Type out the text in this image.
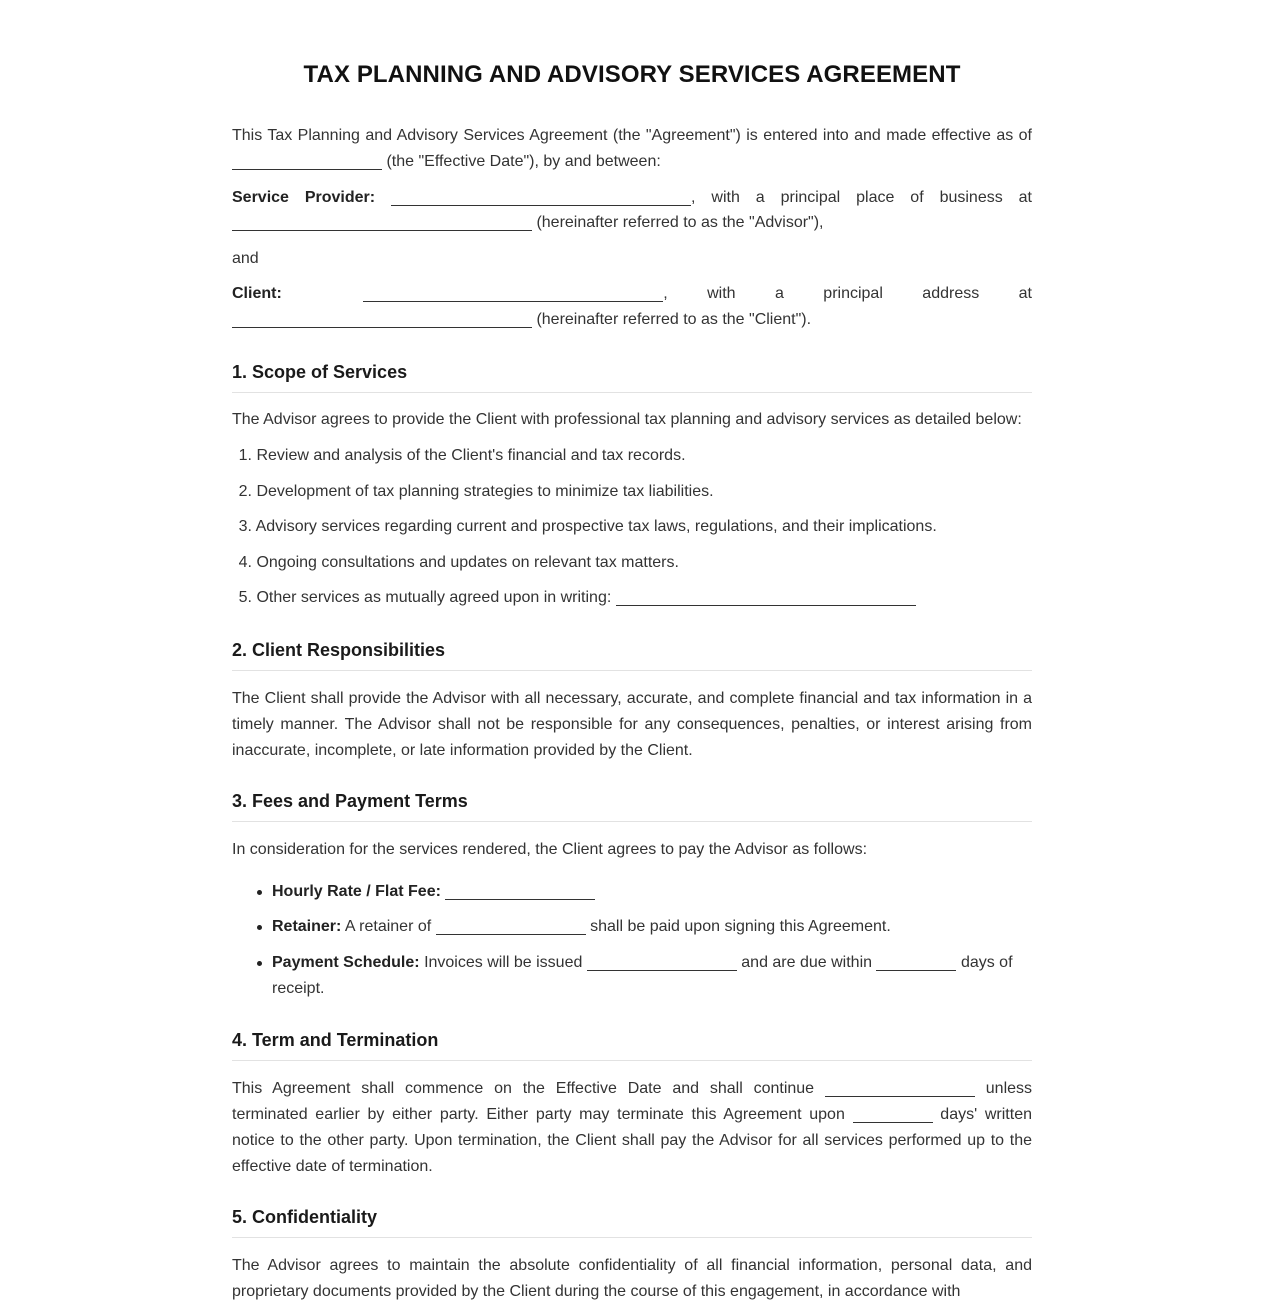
TAX PLANNING AND ADVISORY SERVICES AGREEMENT
This Tax Planning and Advisory Services Agreement (the "Agreement") is entered into and made effective as of  (the "Effective Date"), by and between:
Service Provider:	, with a principal place of business at
(hereinafter referred to as the "Advisor"),
and
Client:	, with a principal address at
(hereinafter referred to as the "Client").
1. Scope of Services
The Advisor agrees to provide the Client with professional tax planning and advisory services as detailed below:
1. Review and analysis of the Client's financial and tax records.
2. Development of tax planning strategies to minimize tax liabilities.
3. Advisory services regarding current and prospective tax laws, regulations, and their implications.
4. Ongoing consultations and updates on relevant tax matters.
5. Other services as mutually agreed upon in writing:
2. Client Responsibilities
The Client shall provide the Advisor with all necessary, accurate, and complete financial and tax information in a timely manner. The Advisor shall not be responsible for any consequences, penalties, or interest arising from inaccurate, incomplete, or late information provided by the Client.
3. Fees and Payment Terms
In consideration for the services rendered, the Client agrees to pay the Advisor as follows:
Hourly Rate / Flat Fee:
Retainer: A retainer of	shall be paid upon signing this Agreement.
Payment Schedule: Invoices will be issued	and are due within	days of receipt.
4. Term and Termination
This Agreement shall commence on the Effective Date and shall continue	unless terminated earlier by either party. Either party may terminate this Agreement upon	days' written notice to the other party. Upon termination, the Client shall pay the Advisor for all services performed up to the effective date of termination.
5. Confidentiality
The Advisor agrees to maintain the absolute confidentiality of all financial information, personal data, and proprietary documents provided by the Client during the course of this engagement, in accordance with
